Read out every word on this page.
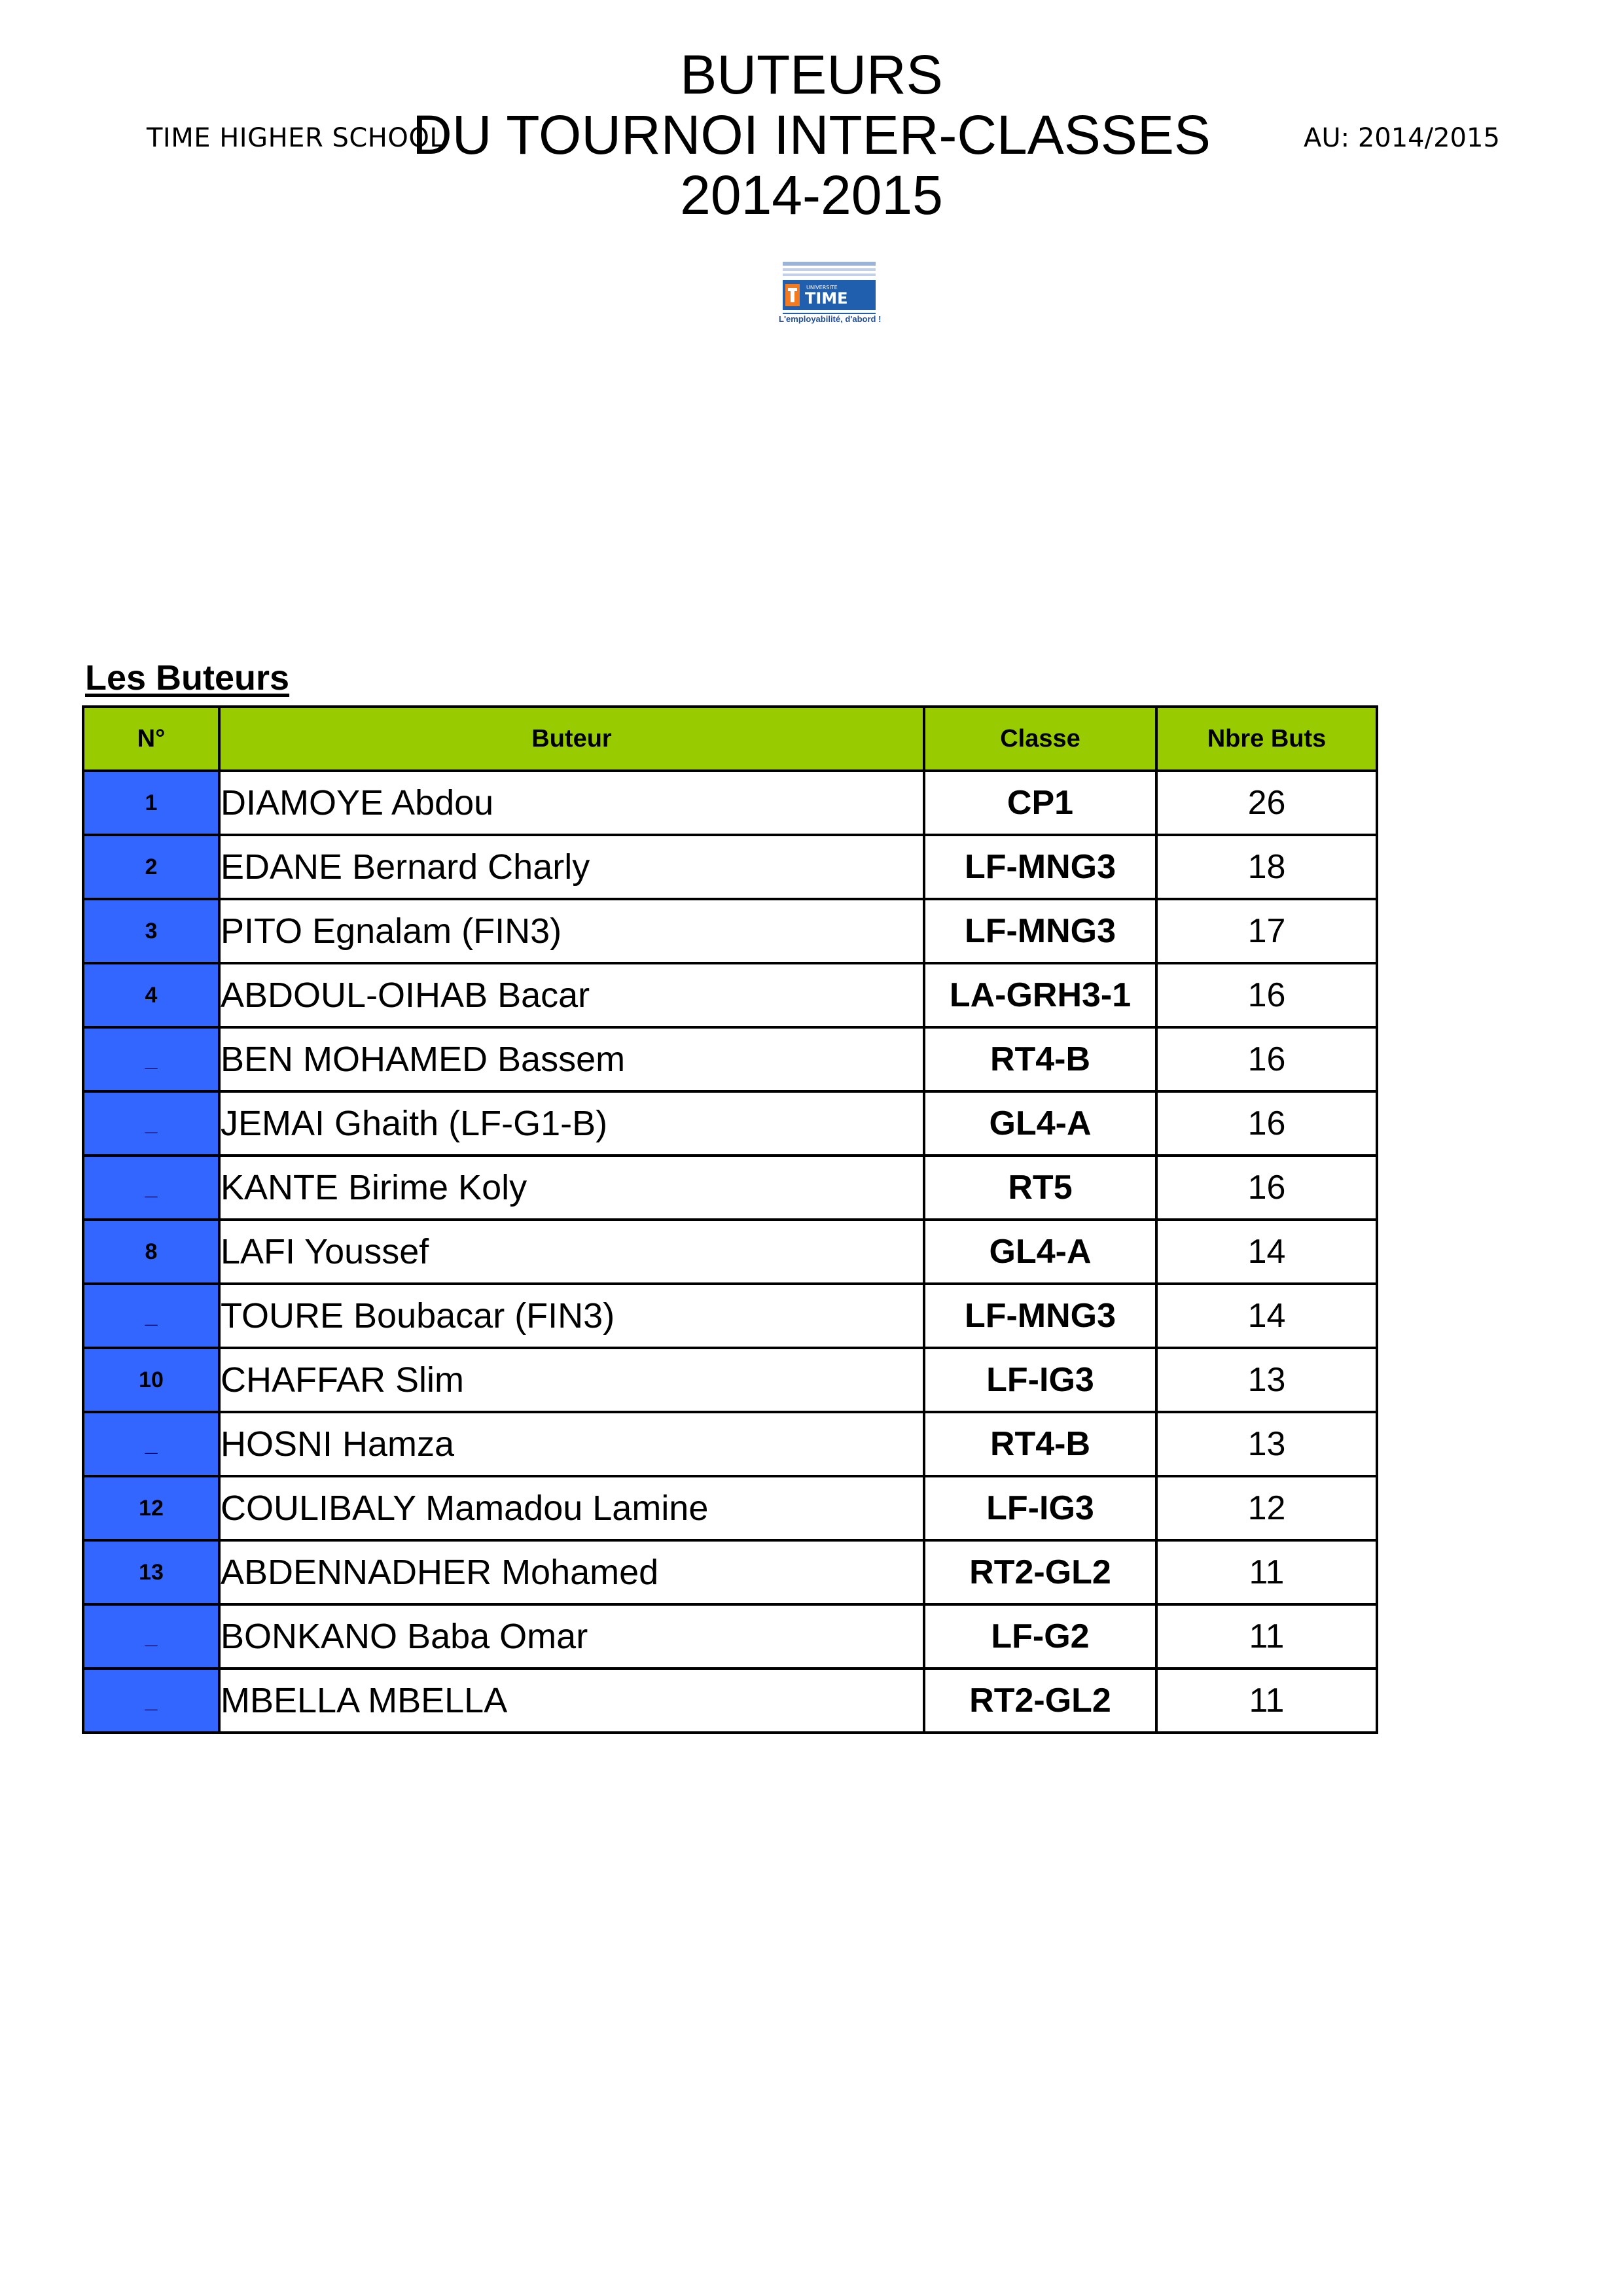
BUTEURS
DU TOURNOI INTER-CLASSES
2014-2015
TIME HIGHER SCHOOL	AU: 2014/2015
UNIVERSITE
TIME
L'employabilité, d'abord !
Les Buteurs
N°	Buteur	Classe	Nbre Buts
1	DIAMOYE Abdou	CP1	26
2	EDANE Bernard Charly	LF-MNG3	18
3	PITO Egnalam (FIN3)	LF-MNG3	17
4	ABDOUL-OIHAB Bacar	LA-GRH3-1	16
_	BEN MOHAMED Bassem	RT4-B	16
_	JEMAI Ghaith (LF-G1-B)	GL4-A	16
_	KANTE Birime Koly	RT5	16
8	LAFI Youssef	GL4-A	14
_	TOURE Boubacar (FIN3)	LF-MNG3	14
10	CHAFFAR Slim	LF-IG3	13
_	HOSNI Hamza	RT4-B	13
12	COULIBALY Mamadou Lamine	LF-IG3	12
13	ABDENNADHER Mohamed	RT2-GL2	11
_	BONKANO Baba Omar	LF-G2	11
_	MBELLA MBELLA	RT2-GL2	11
